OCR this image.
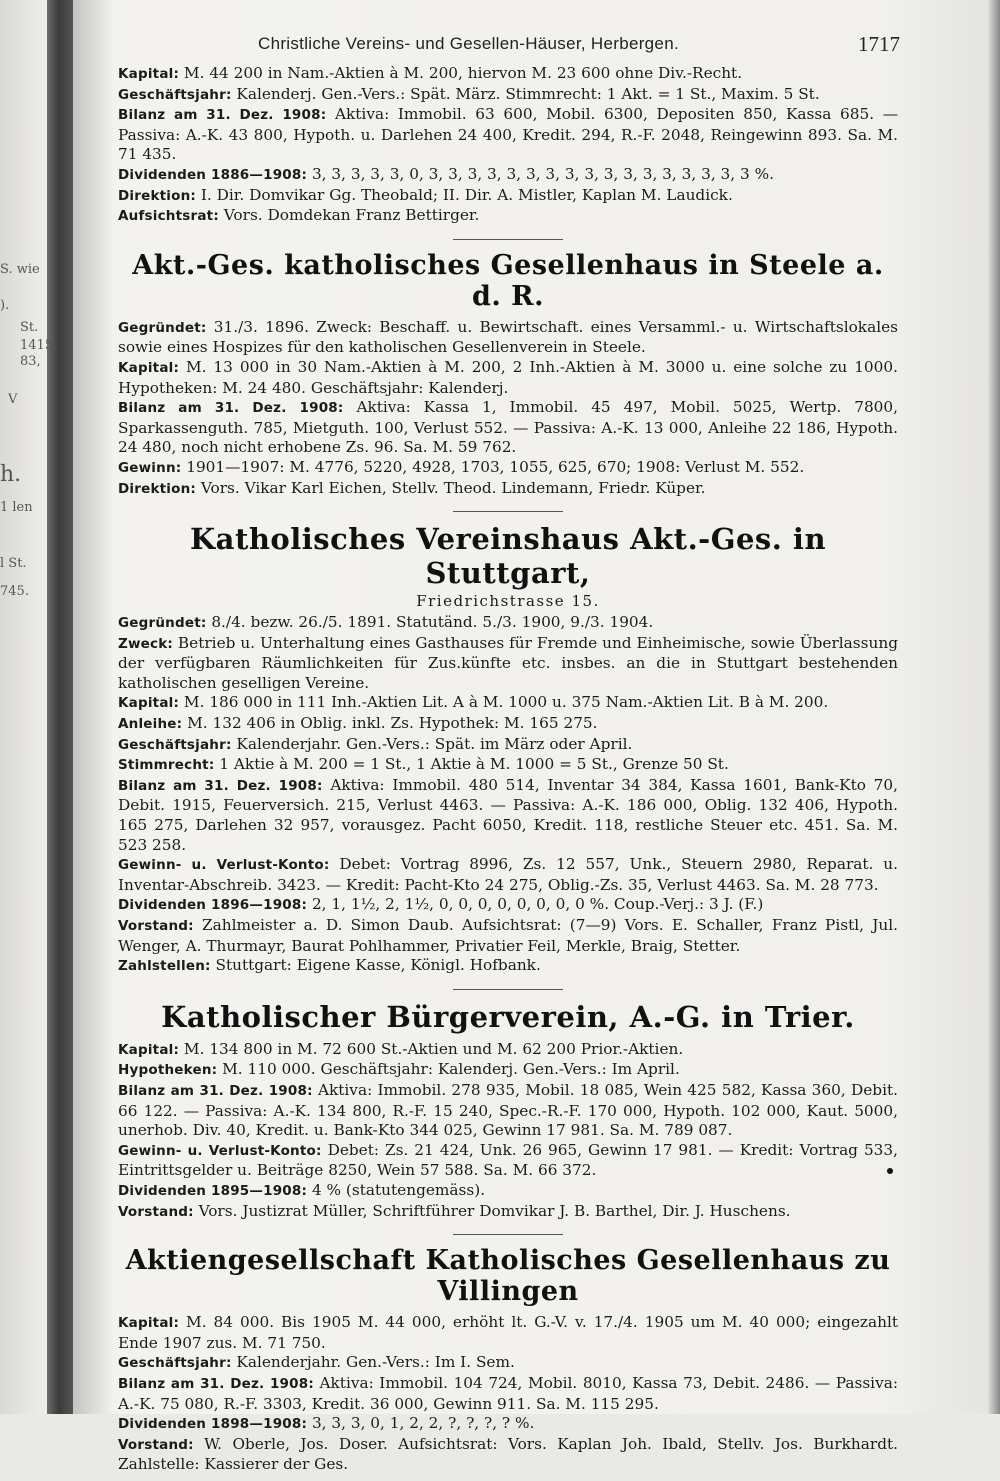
S. wie
).
St.
1415,
83,
V
h.
1 len
l St.
745.
Christliche Vereins- und Gesellen-Häuser, Herbergen.	1717

Kapital: M. 44 200 in Nam.-Aktien à M. 200, hiervon M. 23 600 ohne Div.-Recht.

Geschäftsjahr: Kalenderj. Gen.-Vers.: Spät. März. Stimmrecht: 1 Akt. = 1 St., Maxim. 5 St.

Bilanz am 31. Dez. 1908: Aktiva: Immobil. 63 600, Mobil. 6300, Depositen 850, Kassa 685. — Passiva: A.-K. 43 800, Hypoth. u. Darlehen 24 400, Kredit. 294, R.-F. 2048, Reingewinn 893. Sa. M. 71 435.

Dividenden 1886—1908: 3, 3, 3, 3, 3, 0, 3, 3, 3, 3, 3, 3, 3, 3, 3, 3, 3, 3, 3, 3, 3, 3, 3 %.

Direktion: I. Dir. Domvikar Gg. Theobald; II. Dir. A. Mistler, Kaplan M. Laudick.

Aufsichtsrat: Vors. Domdekan Franz Bettirger.

Akt.-Ges. katholisches Gesellenhaus in Steele a. d. R.

Gegründet: 31./3. 1896. Zweck: Beschaff. u. Bewirtschaft. eines Versamml.- u. Wirtschaftslokales sowie eines Hospizes für den katholischen Gesellenverein in Steele.

Kapital: M. 13 000 in 30 Nam.-Aktien à M. 200, 2 Inh.-Aktien à M. 3000 u. eine solche zu 1000. Hypotheken: M. 24 480. Geschäftsjahr: Kalenderj.

Bilanz am 31. Dez. 1908: Aktiva: Kassa 1, Immobil. 45 497, Mobil. 5025, Wertp. 7800, Sparkassenguth. 785, Mietguth. 100, Verlust 552. — Passiva: A.-K. 13 000, Anleihe 22 186, Hypoth. 24 480, noch nicht erhobene Zs. 96. Sa. M. 59 762.

Gewinn: 1901—1907: M. 4776, 5220, 4928, 1703, 1055, 625, 670; 1908: Verlust M. 552.

Direktion: Vors. Vikar Karl Eichen, Stellv. Theod. Lindemann, Friedr. Küper.

Katholisches Vereinshaus Akt.-Ges. in Stuttgart,
Friedrichstrasse 15.

Gegründet: 8./4. bezw. 26./5. 1891. Statutänd. 5./3. 1900, 9./3. 1904.

Zweck: Betrieb u. Unterhaltung eines Gasthauses für Fremde und Einheimische, sowie Überlassung der verfügbaren Räumlichkeiten für Zus.künfte etc. insbes. an die in Stuttgart bestehenden katholischen geselligen Vereine.

Kapital: M. 186 000 in 111 Inh.-Aktien Lit. A à M. 1000 u. 375 Nam.-Aktien Lit. B à M. 200.

Anleihe: M. 132 406 in Oblig. inkl. Zs. Hypothek: M. 165 275.

Geschäftsjahr: Kalenderjahr. Gen.-Vers.: Spät. im März oder April.

Stimmrecht: 1 Aktie à M. 200 = 1 St., 1 Aktie à M. 1000 = 5 St., Grenze 50 St.

Bilanz am 31. Dez. 1908: Aktiva: Immobil. 480 514, Inventar 34 384, Kassa 1601, Bank-Kto 70, Debit. 1915, Feuerversich. 215, Verlust 4463. — Passiva: A.-K. 186 000, Oblig. 132 406, Hypoth. 165 275, Darlehen 32 957, vorausgez. Pacht 6050, Kredit. 118, restliche Steuer etc. 451. Sa. M. 523 258.

Gewinn- u. Verlust-Konto: Debet: Vortrag 8996, Zs. 12 557, Unk., Steuern 2980, Reparat. u. Inventar-Abschreib. 3423. — Kredit: Pacht-Kto 24 275, Oblig.-Zs. 35, Verlust 4463. Sa. M. 28 773.

Dividenden 1896—1908: 2, 1, 1½, 2, 1½, 0, 0, 0, 0, 0, 0, 0, 0 %. Coup.-Verj.: 3 J. (F.)

Vorstand: Zahlmeister a. D. Simon Daub. Aufsichtsrat: (7—9) Vors. E. Schaller, Franz Pistl, Jul. Wenger, A. Thurmayr, Baurat Pohlhammer, Privatier Feil, Merkle, Braig, Stetter.

Zahlstellen: Stuttgart: Eigene Kasse, Königl. Hofbank.

Katholischer Bürgerverein, A.-G. in Trier.

Kapital: M. 134 800 in M. 72 600 St.-Aktien und M. 62 200 Prior.-Aktien.

Hypotheken: M. 110 000. Geschäftsjahr: Kalenderj. Gen.-Vers.: Im April.

Bilanz am 31. Dez. 1908: Aktiva: Immobil. 278 935, Mobil. 18 085, Wein 425 582, Kassa 360, Debit. 66 122. — Passiva: A.-K. 134 800, R.-F. 15 240, Spec.-R.-F. 170 000, Hypoth. 102 000, Kaut. 5000, unerhob. Div. 40, Kredit. u. Bank-Kto 344 025, Gewinn 17 981. Sa. M. 789 087.

Gewinn- u. Verlust-Konto: Debet: Zs. 21 424, Unk. 26 965, Gewinn 17 981. — Kredit: Vortrag 533, Eintrittsgelder u. Beiträge 8250, Wein 57 588. Sa. M. 66 372.

Dividenden 1895—1908: 4 % (statutengemäss).

Vorstand: Vors. Justizrat Müller, Schriftführer Domvikar J. B. Barthel, Dir. J. Huschens.

Aktiengesellschaft Katholisches Gesellenhaus zu Villingen

Kapital: M. 84 000. Bis 1905 M. 44 000, erhöht lt. G.-V. v. 17./4. 1905 um M. 40 000; eingezahlt Ende 1907 zus. M. 71 750.

Geschäftsjahr: Kalenderjahr. Gen.-Vers.: Im I. Sem.

Bilanz am 31. Dez. 1908: Aktiva: Immobil. 104 724, Mobil. 8010, Kassa 73, Debit. 2486. — Passiva: A.-K. 75 080, R.-F. 3303, Kredit. 36 000, Gewinn 911. Sa. M. 115 295.

Dividenden 1898—1908: 3, 3, 3, 0, 1, 2, 2, ?, ?, ?, ? %.

Vorstand: W. Oberle, Jos. Doser. Aufsichtsrat: Vors. Kaplan Joh. Ibald, Stellv. Jos. Burkhardt. Zahlstelle: Kassierer der Ges.
